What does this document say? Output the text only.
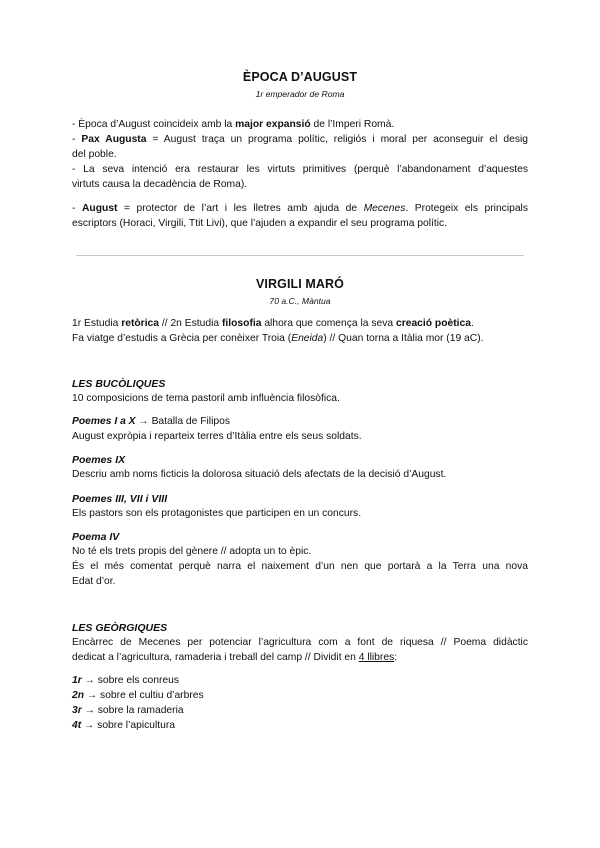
ÈPOCA D’AUGUST
1r emperador de Roma
- Època d’August coincideix amb la major expansió de l’Imperi Romà.
- Pax Augusta = August traça un programa polític, religiós i moral per aconseguir el desig
del poble.
- La seva intenció era restaurar les virtuts primitives (perquè l’abandonament d’aquestes
virtuts causa la decadència de Roma).
- August = protector de l’art i les lletres amb ajuda de Mecenes. Protegeix els principals
escriptors (Horaci, Virgili, Ttit Livi), que l’ajuden a expandir el seu programa polític.
VIRGILI MARÓ
70 a.C., Màntua
1r Estudia retòrica // 2n Estudia filosofia alhora que comença la seva creació poètica.
Fa viatge d’estudis a Grècia per conèixer Troia (Eneida) // Quan torna a Itàlia mor (19 aC).
LES BUCÒLIQUES
10 composicions de tema pastoril amb influència filosòfica.
Poemes I a X → Batalla de Filipos
August expròpia i reparteix terres d’Itàlia entre els seus soldats.
Poemes IX
Descriu amb noms ficticis la dolorosa situació dels afectats de la decisió d’August.
Poemes III, VII i VIII
Els pastors son els protagonistes que participen en un concurs.
Poema IV
No té els trets propis del gènere // adopta un to èpic.
És el més comentat perquè narra el naixement d’un nen que portarà a la Terra una nova
Edat d’or.
LES GEÒRGIQUES
Encàrrec de Mecenes per potenciar l’agricultura com a font de riquesa // Poema didàctic
dedicat a l’agricultura, ramaderia i treball del camp // Dividit en 4 llibres:
1r → sobre els conreus
2n → sobre el cultiu d’arbres
3r → sobre la ramaderia
4t → sobre l’apicultura
